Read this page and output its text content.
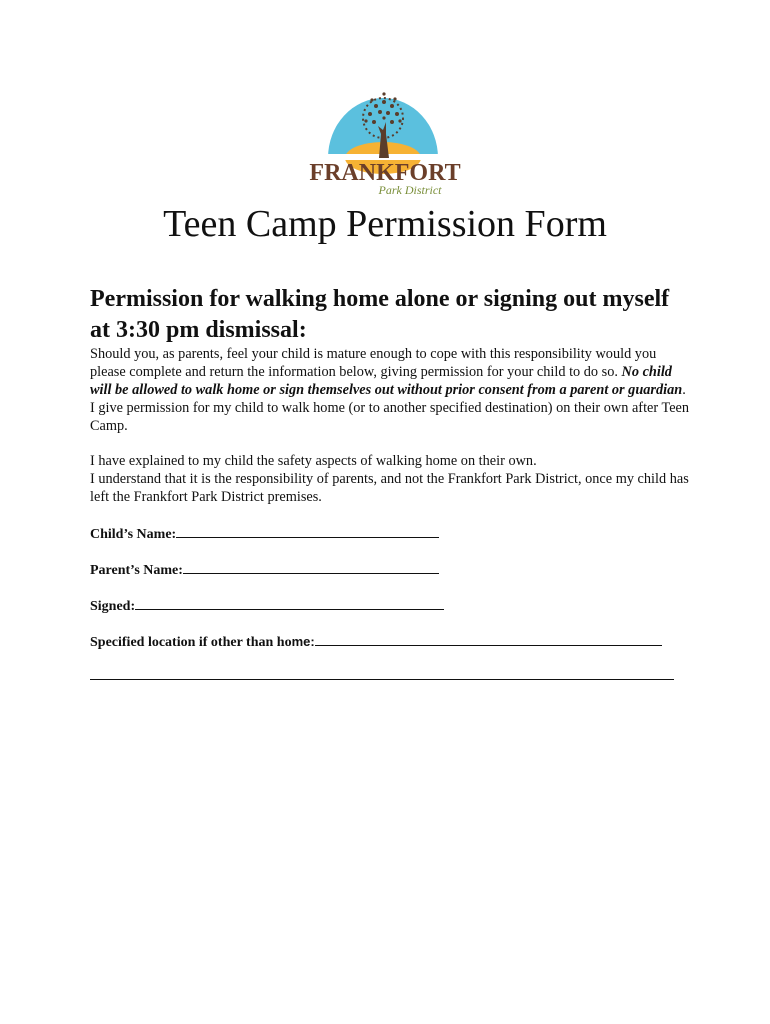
FRANKFORT
Park District
Teen Camp Permission Form
Permission for walking home alone or signing out myself at 3:30 pm dismissal:

Should you, as parents, feel your child is mature enough to cope with this responsibility would you please complete and return the information below, giving permission for your child to do so. No child will be allowed to walk home or sign themselves out without prior consent from a parent or guardian. I give permission for my child to walk home (or to another specified destination) on their own after Teen Camp.

I have explained to my child the safety aspects of walking home on their own.
I understand that it is the responsibility of parents, and not the Frankfort Park District, once my child has left the Frankfort Park District premises.

Child’s Name:
Parent’s Name:
Signed:
Specified location if other than home:
